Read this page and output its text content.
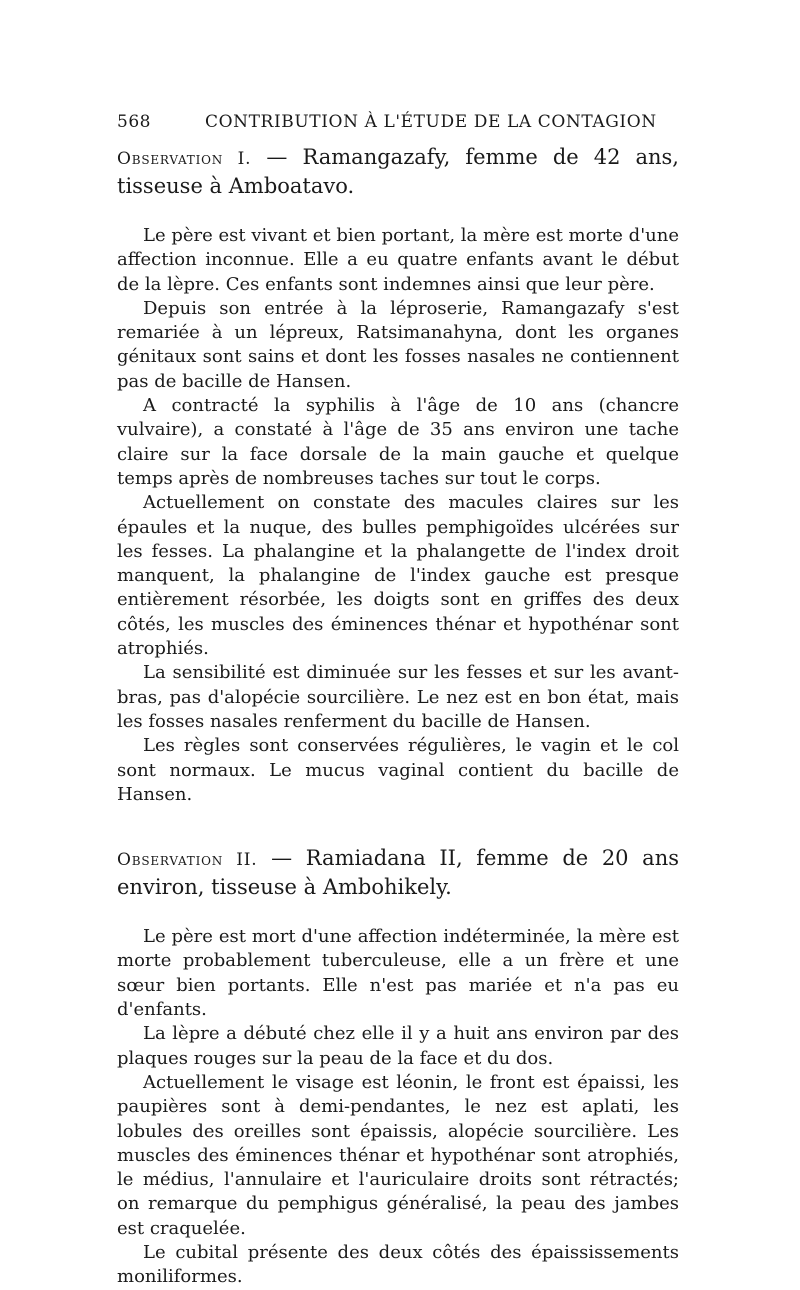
568	CONTRIBUTION À L'ÉTUDE DE LA CONTAGION

Observation I. — Ramangazafy, femme de 42 ans, tisseuse à Amboatavo.

Le père est vivant et bien portant, la mère est morte d'une affection inconnue. Elle a eu quatre enfants avant le début de la lèpre. Ces enfants sont indemnes ainsi que leur père.

Depuis son entrée à la léproserie, Ramangazafy s'est remariée à un lépreux, Ratsimanahyna, dont les organes génitaux sont sains et dont les fosses nasales ne contiennent pas de bacille de Hansen.

A contracté la syphilis à l'âge de 10 ans (chancre vulvaire), a constaté à l'âge de 35 ans environ une tache claire sur la face dorsale de la main gauche et quelque temps après de nombreuses taches sur tout le corps.

Actuellement on constate des macules claires sur les épaules et la nuque, des bulles pemphigoïdes ulcérées sur les fesses. La phalangine et la phalangette de l'index droit manquent, la phalangine de l'index gauche est presque entièrement résorbée, les doigts sont en griffes des deux côtés, les muscles des éminences thénar et hypothénar sont atrophiés.

La sensibilité est diminuée sur les fesses et sur les avant-bras, pas d'alopécie sourcilière. Le nez est en bon état, mais les fosses nasales renferment du bacille de Hansen.

Les règles sont conservées régulières, le vagin et le col sont normaux. Le mucus vaginal contient du bacille de Hansen.

Observation II. — Ramiadana II, femme de 20 ans environ, tisseuse à Ambohikely.

Le père est mort d'une affection indéterminée, la mère est morte probablement tuberculeuse, elle a un frère et une sœur bien portants. Elle n'est pas mariée et n'a pas eu d'enfants.

La lèpre a débuté chez elle il y a huit ans environ par des plaques rouges sur la peau de la face et du dos.

Actuellement le visage est léonin, le front est épaissi, les paupières sont à demi-pendantes, le nez est aplati, les lobules des oreilles sont épaissis, alopécie sourcilière. Les muscles des éminences thénar et hypothénar sont atrophiés, le médius, l'annulaire et l'auriculaire droits sont rétractés; on remarque du pemphigus généralisé, la peau des jambes est craquelée.

Le cubital présente des deux côtés des épaississements moniliformes.
